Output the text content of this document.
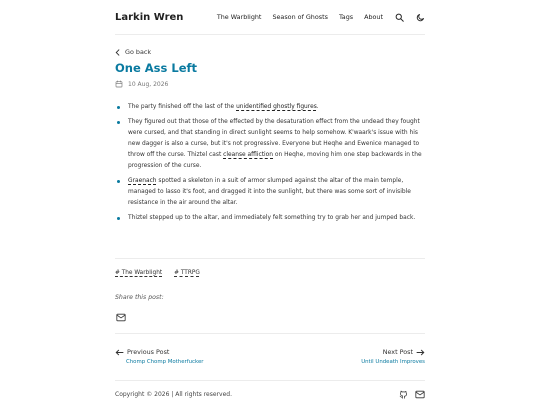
Larkin Wren	The Warblight Season of Ghosts Tags About
Go back
One Ass Left
10 Aug, 2026
The party finished off the last of the unidentified ghostly figures.
They figured out that those of the effected by the desaturation effect from the undead they fought were cursed, and that standing in direct sunlight seems to help somehow. K'waark's issue with his new dagger is also a curse, but it's not progressive. Everyone but Heqhe and Ewenice managed to throw off the curse. Thiztel cast cleanse affliction on Heqhe, moving him one step backwards in the progression of the curse.
Graenach spotted a skeleton in a suit of armor slumped against the altar of the main temple, managed to lasso it's foot, and dragged it into the sunlight, but there was some sort of invisible resistance in the air around the altar.
Thiztel stepped up to the altar, and immediately felt something try to grab her and jumped back.
# The Warblight # TTRPG
Share this post:
Previous Post
Chomp Chomp Motherfucker
Next Post
Until Undeath Improves
Copyright © 2026 | All rights reserved.
